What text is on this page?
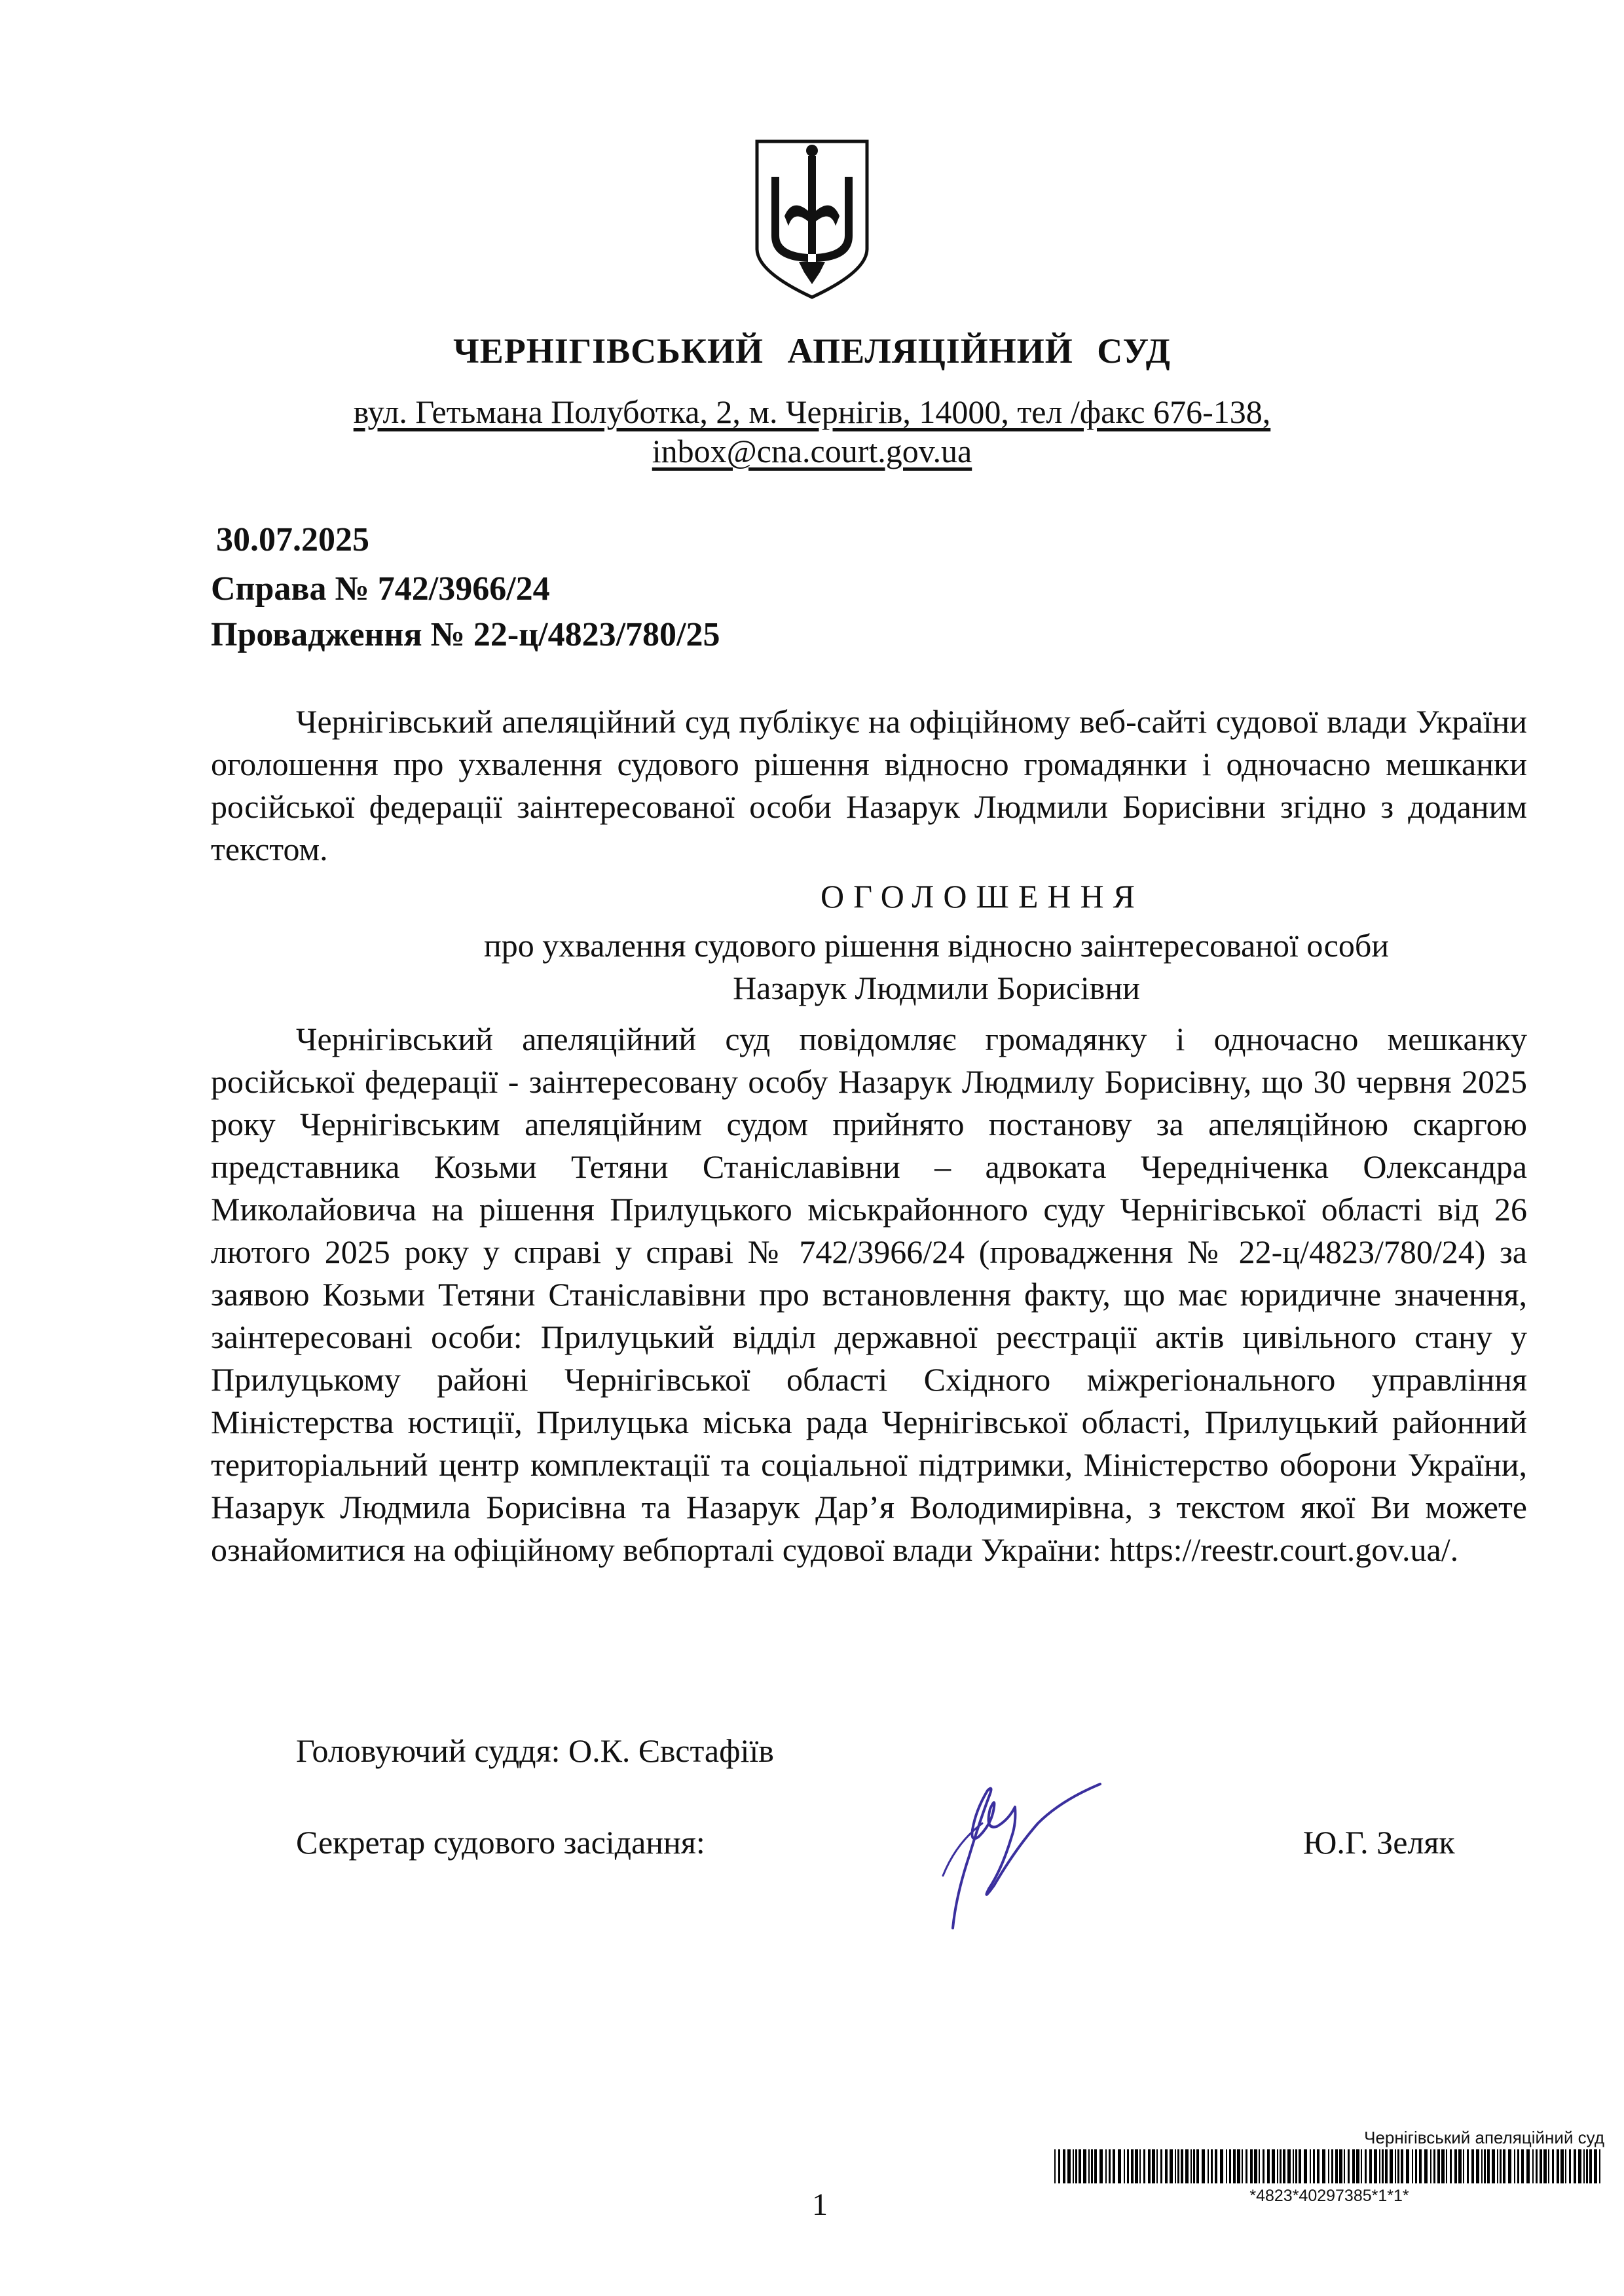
ЧЕРНІГІВСЬКИЙ АПЕЛЯЦІЙНИЙ СУД
вул. Гетьмана Полуботка, 2, м. Чернігів, 14000, тел /факс 676-138,
inbox@cna.court.gov.ua
30.07.2025
Справа № 742/3966/24
Провадження № 22-ц/4823/780/25
Чернігівський апеляційний суд публікує на офіційному веб-сайті судової влади України оголошення про ухвалення судового рішення відносно громадянки і одночасно мешканки російської федерації заінтересованої особи Назарук Людмили Борисівни згідно з доданим текстом.
ОГОЛОШЕННЯ
про ухвалення судового рішення відносно заінтересованої особи
Назарук Людмили Борисівни
Чернігівський апеляційний суд повідомляє громадянку і одночасно мешканку російської федерації - заінтересовану особу Назарук Людмилу Борисівну, що 30 червня 2025 року Чернігівським апеляційним судом прийнято постанову за апеляційною скаргою представника Козьми Тетяни Станіславівни – адвоката Чередніченка Олександра Миколайовича на рішення Прилуцького міськрайонного суду Чернігівської області від 26 лютого 2025 року у справі у справі № 742/3966/24 (провадження № 22-ц/4823/780/24) за заявою Козьми Тетяни Станіславівни про встановлення факту, що має юридичне значення, заінтересовані особи: Прилуцький відділ державної реєстрації актів цивільного стану у Прилуцькому районі Чернігівської області Східного міжрегіонального управління Міністерства юстиції, Прилуцька міська рада Чернігівської області, Прилуцький районний територіальний центр комплектації та соціальної підтримки, Міністерство оборони України, Назарук Людмила Борисівна та Назарук Дар’я Володимирівна, з текстом якої Ви можете ознайомитися на офіційному вебпорталі судової влади України: https://reestr.court.gov.ua/.
Головуючий суддя: О.К. Євстафіїв
Секретар судового засідання:	Ю.Г. Зеляк
1
Чернігівський апеляційний суд
*4823*40297385*1*1*
